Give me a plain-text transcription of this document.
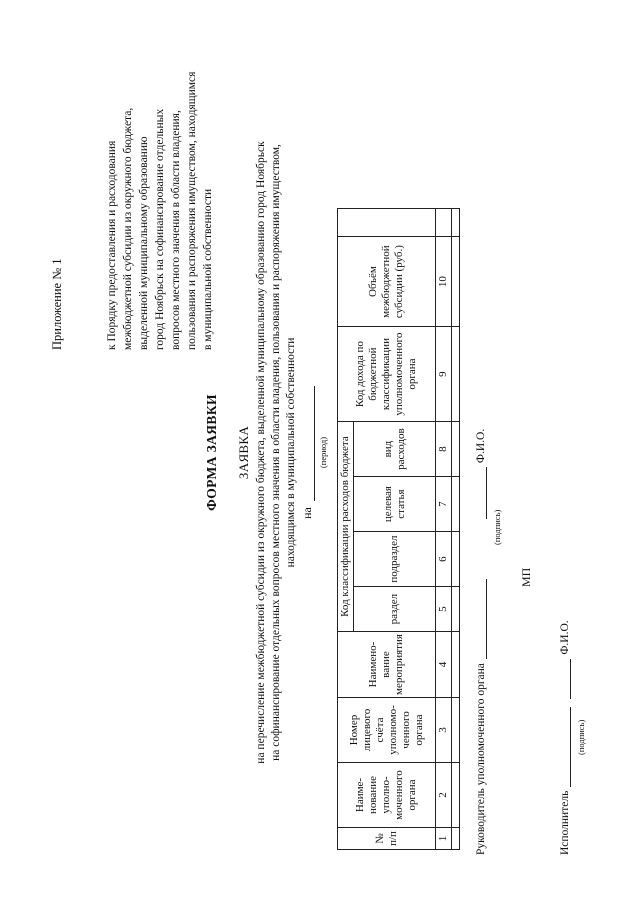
Приложение № 1	к Порядку предоставления и расходования межбюджетной субсидии из окружного бюджета, выделенной муниципальному образованию город Ноябрьск на софинансирование отдельных вопросов местного значения в области владения, пользования и распоряжения имуществом, находящимся в муниципальной собственности
ФОРМА ЗАЯВКИ ЗАЯВКА на перечисление межбюджетной субсидии из окружного бюджета, выделенной муниципальному образованию город Ноябрьск на софинансирование отдельных вопросов местного значения в области владения, пользования и распоряжения имуществом, находящимся в муниципальной собственности на
(период)
№ п/п	Наиме-нование уполно-моченного органа	Номер лицевого счёта уполномо-ченного органа	Наимено-вание мероприятия	Код классификации расходов бюджета				Код дохода по бюджетной классификации уполномоченного органа	Объём межбюджетной субсидии (руб.)	
				раздел	подраздел	целевая статья	вид расходов			
1	2	3	4	5	6	7	8	9	10	

Руководитель уполномоченного органаФ.И.О.
(подпись)
МП
ИсполнительФ.И.О.
(подпись)
